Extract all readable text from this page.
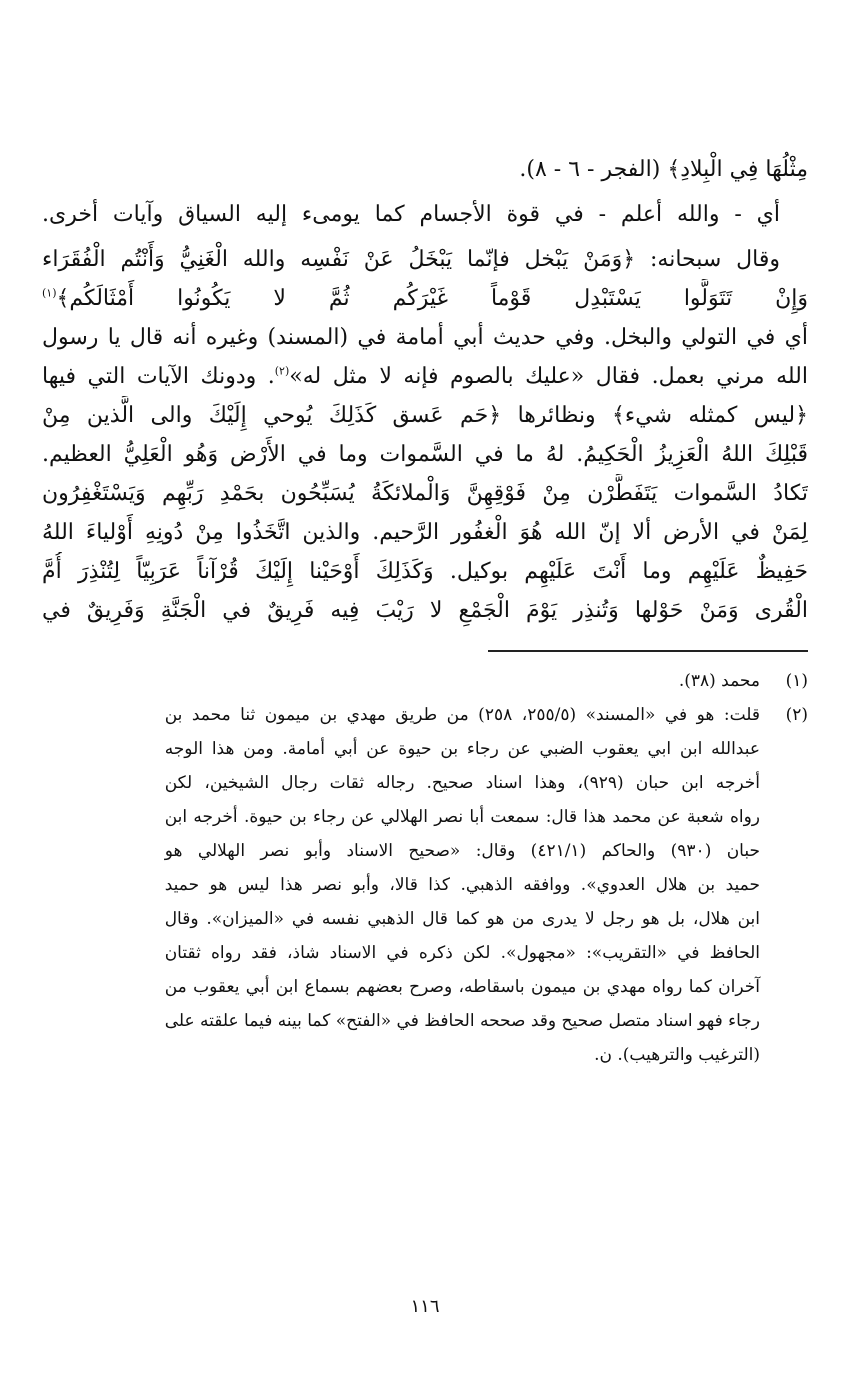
مِثْلُهَا فِي الْبِلادِ﴾ (الفجر - ٦ - ٨).

أي - والله أعلم - في قوة الأجسام كما يومىء إليه السياق وآيات أخرى.

وقال سبحانه: ﴿وَمَنْ يَبْخل فإنّما يَبْخَلُ عَنْ نَفْسِه والله الْغَنِيُّ وَأَنْتُم الْفُقَرَاء

وَإِنْ تَتَوَلَّوا يَسْتَبْدِل قَوْماً غَيْرَكُم ثُمَّ لا يَكُونُوا أَمْثَالَكُم﴾$^{(١)}$

أي في التولي والبخل. وفي حديث أبي أمامة في (المسند) وغيره أنه قال يا رسول

الله مرني بعمل. فقال «عليك بالصوم فإنه لا مثل له»$^{(٢)}$. ودونك الآيات التي فيها

﴿ليس كمثله شيء﴾ ونظائرها ﴿حَم عَسق كَذَلِكَ يُوحي إِلَيْكَ والى الَّذين مِنْ

قَبْلِكَ اللهُ الْعَزِيزُ الْحَكِيمُ. لهُ ما في السَّموات وما في الأَرْض وَهُو الْعَلِيُّ العظيم.

تَكادُ السَّموات يَتَفَطَّرْن مِنْ فَوْقِهِنَّ وَالْملائكَةُ يُسَبِّحُون بحَمْدِ رَبِّهِم وَيَسْتَغْفِرُون

لِمَنْ في الأرض ألا إنّ الله هُوَ الْغفُور الرَّحيم. والذين اتَّخَذُوا مِنْ دُونِهِ أَوْلياءَ اللهُ

حَفِيظٌ عَلَيْهِم وما أَنْتَ عَلَيْهِم بوكيل. وَكَذَلِكَ أَوْحَيْنا إِلَيْكَ قُرْآناً عَرَبِيّاً لِتُنْذِرَ أُمَّ

الْقُرى وَمَنْ حَوْلها وَتُنذِر يَوْمَ الْجَمْعِ لا رَيْبَ فِيه فَرِيقٌ في الْجَنَّةِ وَفَرِيقٌ في

(١)

محمد (٣٨).

(٢)

قلت: هو في «المسند» (٢٥٥/٥، ٢٥٨) من طريق مهدي بن ميمون ثنا محمد بن

عبدالله ابن ابي يعقوب الضبي عن رجاء بن حيوة عن أبي أمامة. ومن هذا الوجه

أخرجه ابن حبان (٩٢٩)، وهذا اسناد صحيح. رجاله ثقات رجال الشيخين، لكن

رواه شعبة عن محمد هذا قال: سمعت أبا نصر الهلالي عن رجاء بن حيوة. أخرجه ابن

حبان (٩٣٠) والحاكم (٤٢١/١) وقال: «صحيح الاسناد وأبو نصر الهلالي هو

حميد بن هلال العدوي». ووافقه الذهبي. كذا قالا، وأبو نصر هذا ليس هو حميد

ابن هلال، بل هو رجل لا يدرى من هو كما قال الذهبي نفسه في «الميزان». وقال

الحافظ في «التقريب»: «مجهول». لكن ذكره في الاسناد شاذ، فقد رواه ثقتان

آخران كما رواه مهدي بن ميمون باسقاطه، وصرح بعضهم بسماع ابن أبي يعقوب من

رجاء فهو اسناد متصل صحيح وقد صححه الحافظ في «الفتح» كما بينه فيما علقته على

(الترغيب والترهيب). ن.

١١٦
